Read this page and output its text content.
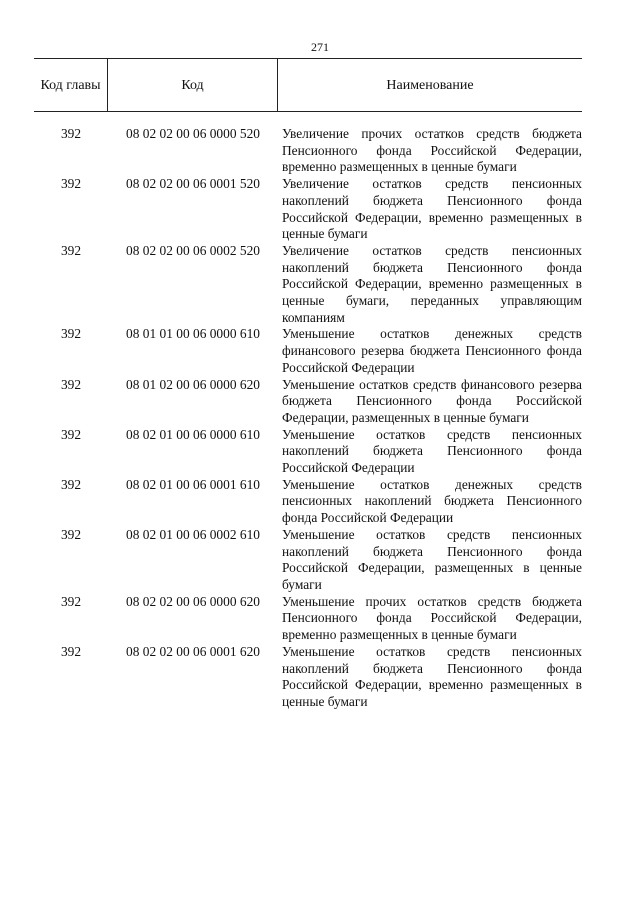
271
Код главы	Код	Наименование
392	08 02 02 00 06 0000 520	Увеличение прочих остатков средств бюджета Пенсионного фонда Российской Федерации, временно размещенных в ценные бумаги
392	08 02 02 00 06 0001 520	Увеличение остатков средств пенсионных накоплений бюджета Пенсионного фонда Российской Федерации, временно размещенных в ценные бумаги
392	08 02 02 00 06 0002 520	Увеличение остатков средств пенсионных накоплений бюджета Пенсионного фонда Российской Федерации, временно размещенных в ценные бумаги, переданных управляющим компаниям
392	08 01 01 00 06 0000 610	Уменьшение остатков денежных средств финансового резерва бюджета Пенсионного фонда Российской Федерации
392	08 01 02 00 06 0000 620	Уменьшение остатков средств финансового резерва бюджета Пенсионного фонда Российской Федерации, размещенных в ценные бумаги
392	08 02 01 00 06 0000 610	Уменьшение остатков средств пенсионных накоплений бюджета Пенсионного фонда Российской Федерации
392	08 02 01 00 06 0001 610	Уменьшение остатков денежных средств пенсионных накоплений бюджета Пенсионного фонда Российской Федерации
392	08 02 01 00 06 0002 610	Уменьшение остатков средств пенсионных накоплений бюджета Пенсионного фонда Российской Федерации, размещенных в ценные бумаги
392	08 02 02 00 06 0000 620	Уменьшение прочих остатков средств бюджета Пенсионного фонда Российской Федерации, временно размещенных в ценные бумаги
392	08 02 02 00 06 0001 620	Уменьшение остатков средств пенсионных накоплений бюджета Пенсионного фонда Российской Федерации, временно размещенных в ценные бумаги
